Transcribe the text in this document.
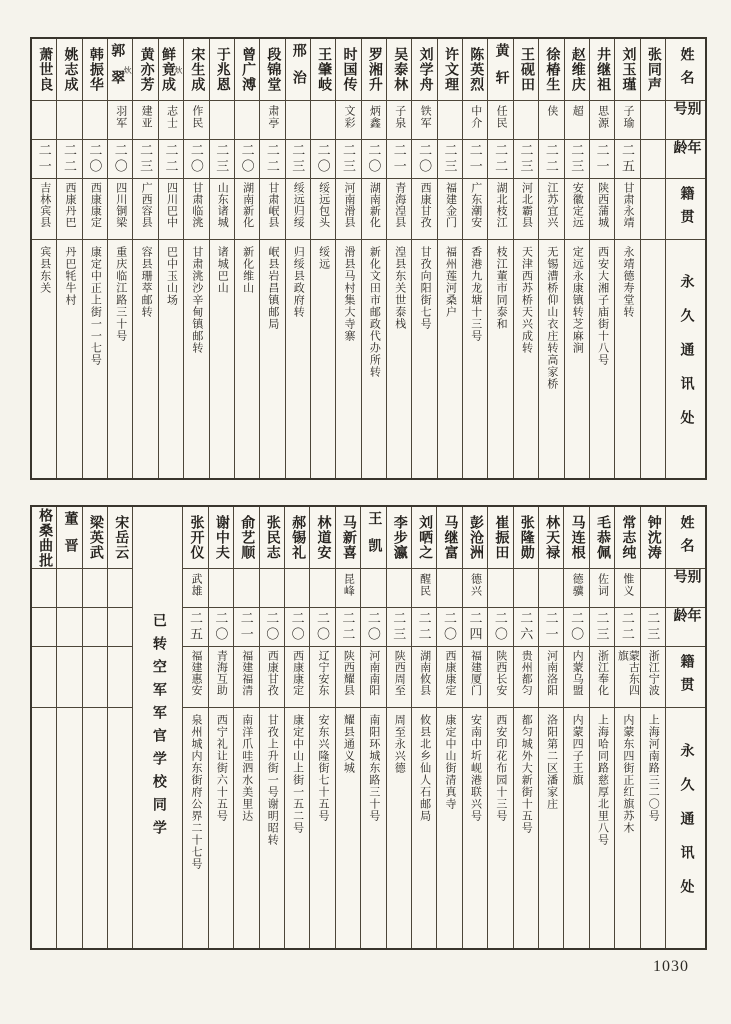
姓名
别号
年龄
籍贯
永久通讯处
张同声
刘玉瑾
子瑜
二五
甘肃永靖
永靖德寿堂转
井继祖
思源
二一
陕西蒲城
西安大湘子庙街十八号
赵维庆
超
二三
安徽定远
定远永康镇转芝麻涧
徐椿生
侠
二二
江苏宜兴
无锡漕桥仰山衣庄转高家桥
王砚田
二三
河北霸县
天津西苏桥天兴成转
黄轩
任民
二二
湖北枝江
枝江董市同泰和
陈英烈
中介
二一
广东潮安
香港九龙塘十三号
许文理
二三
福建金门
福州莲河桑户
刘学舟
铁军
二〇
西康甘孜
甘孜向阳街七号
吴泰林
子泉
二一
青海湟县
湟县东关世泰栈
罗湘升
炳鑫
二〇
湖南新化
新化文田市邮政代办所转
时国传
文彩
二三
河南滑县
滑县马村集大寺寨
王肇岐
二〇
绥远包头
绥远
邢治
二三
绥远归绥
归绥县政府转
段锦堂
肃亭
二二
甘肃岷县
岷县岩昌镇邮局
曾广溥
二〇
湖南新化
新化维山
于兆恩
二三
山东诸城
诸城巴山
宋生成
作民
二〇
甘肃临洮
甘肃洮沙辛甸镇邮转
鲜竟成 炏
志士
二二
四川巴中
巴中玉山场
黄亦芳
建亚
二三
广西容县
容县珊萃邮转
郭翠 炏
羽军
二〇
四川铜梁
重庆临江路三十号
韩振华
二〇
西康康定
康定中正上街一一七号
姚志成
二二
西康丹巴
丹巴牦牛村
萧世良
二一
吉林宾县
宾县东关
姓名
别号
年龄
籍贯
永久通讯处
钟沈涛
二三
浙江宁波
上海河南路三二〇号
常志纯
惟义
二二
蒙古东四旗
内蒙东四街正红旗苏木
毛恭佩
佐词
二三
浙江奉化
上海哈同路慈厚北里八号
马连根
德骥
二〇
内蒙乌盟
内蒙四子王旗
林天禄
二一
河南洛阳
洛阳第二区潘家庄
张隆勋
二六
贵州都匀
都匀城外大新街十五号
崔振田
二〇
陕西长安
西安印花布园十三号
彭沧洲
德兴
二四
福建厦门
安南中圻岘港联兴号
马继富
二〇
西康康定
康定中山街清真寺
刘哂之
醒民
二二
湖南攸县
攸县北乡仙人石邮局
李步瀛
二三
陕西周至
周至永兴德
王凯
二〇
河南南阳
南阳环城东路三十号
马新喜
昆峰
二二
陕西耀县
耀县通义城
林道安
二〇
辽宁安东
安东兴隆街七十五号
郝锡礼
二〇
西康康定
康定中山上街一五二号
张民志
二〇
西康甘孜
甘孜上升街一号谢明昭转
俞艺顺
二一
福建福清
南洋爪哇泗水美里达
谢中夫
二〇
青海互助
西宁礼让街六十五号
张开仪
武雄
二五
福建惠安
泉州城内东街府公界二十七号
已转空军军官学校同学
宋岳云
梁英武
董晋
格桑曲批
1030
